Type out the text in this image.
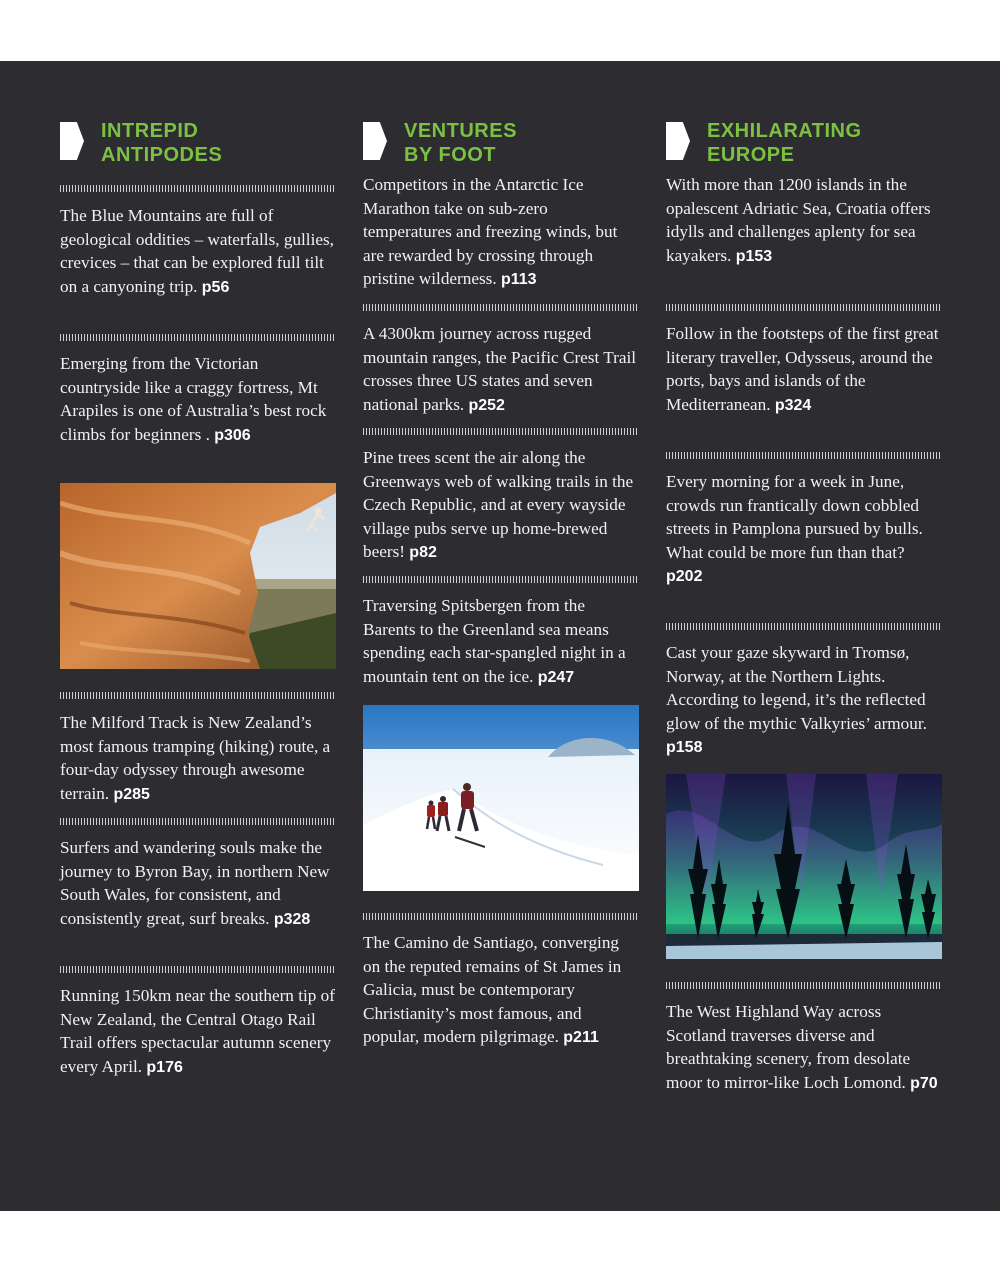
INTREPID
ANTIPODES
The Blue Mountains are full of geological oddities – waterfalls, gullies, crevices – that can be explored full tilt on a canyoning trip. p56
Emerging from the Victorian countryside like a craggy fortress, Mt Arapiles is one of Australia’s best rock climbs for beginners . p306
The Milford Track is New Zealand’s most famous tramping (hiking) route, a four-day odyssey through awesome terrain. p285
Surfers and wandering souls make the journey to Byron Bay, in northern New South Wales, for consistent, and consistently great, surf breaks. p328
Running 150km near the southern tip of New Zealand, the Central Otago Rail Trail offers spectacular autumn scenery every April. p176
VENTURES
BY FOOT
Competitors in the Antarctic Ice Marathon take on sub-zero temperatures and freezing winds, but are rewarded by crossing through pristine wilderness. p113
A 4300km journey across rugged mountain ranges, the Pacific Crest Trail crosses three US states and seven national parks. p252
Pine trees scent the air along the Greenways web of walking trails in the Czech Republic, and at every wayside village pubs serve up home-brewed beers! p82
Traversing Spitsbergen from the Barents to the Greenland sea means spending each star-spangled night in a mountain tent on the ice. p247
The Camino de Santiago, converging on the reputed remains of St James in Galicia, must be contemporary Christianity’s most famous, and popular, modern pilgrimage. p211
EXHILARATING
EUROPE
With more than 1200 islands in the opalescent Adriatic Sea, Croatia offers idylls and challenges aplenty for sea kayakers. p153
Follow in the footsteps of the first great literary traveller, Odysseus, around the ports, bays and islands of the Mediterranean. p324
Every morning for a week in June, crowds run frantically down cobbled streets in Pamplona pursued by bulls. What could be more fun than that? p202
Cast your gaze skyward in Tromsø, Norway, at the Northern Lights. According to legend, it’s the reflected glow of the mythic Valkyries’ armour. p158
The West Highland Way across Scotland traverses diverse and breathtaking scenery, from desolate moor to mirror-like Loch Lomond. p70
